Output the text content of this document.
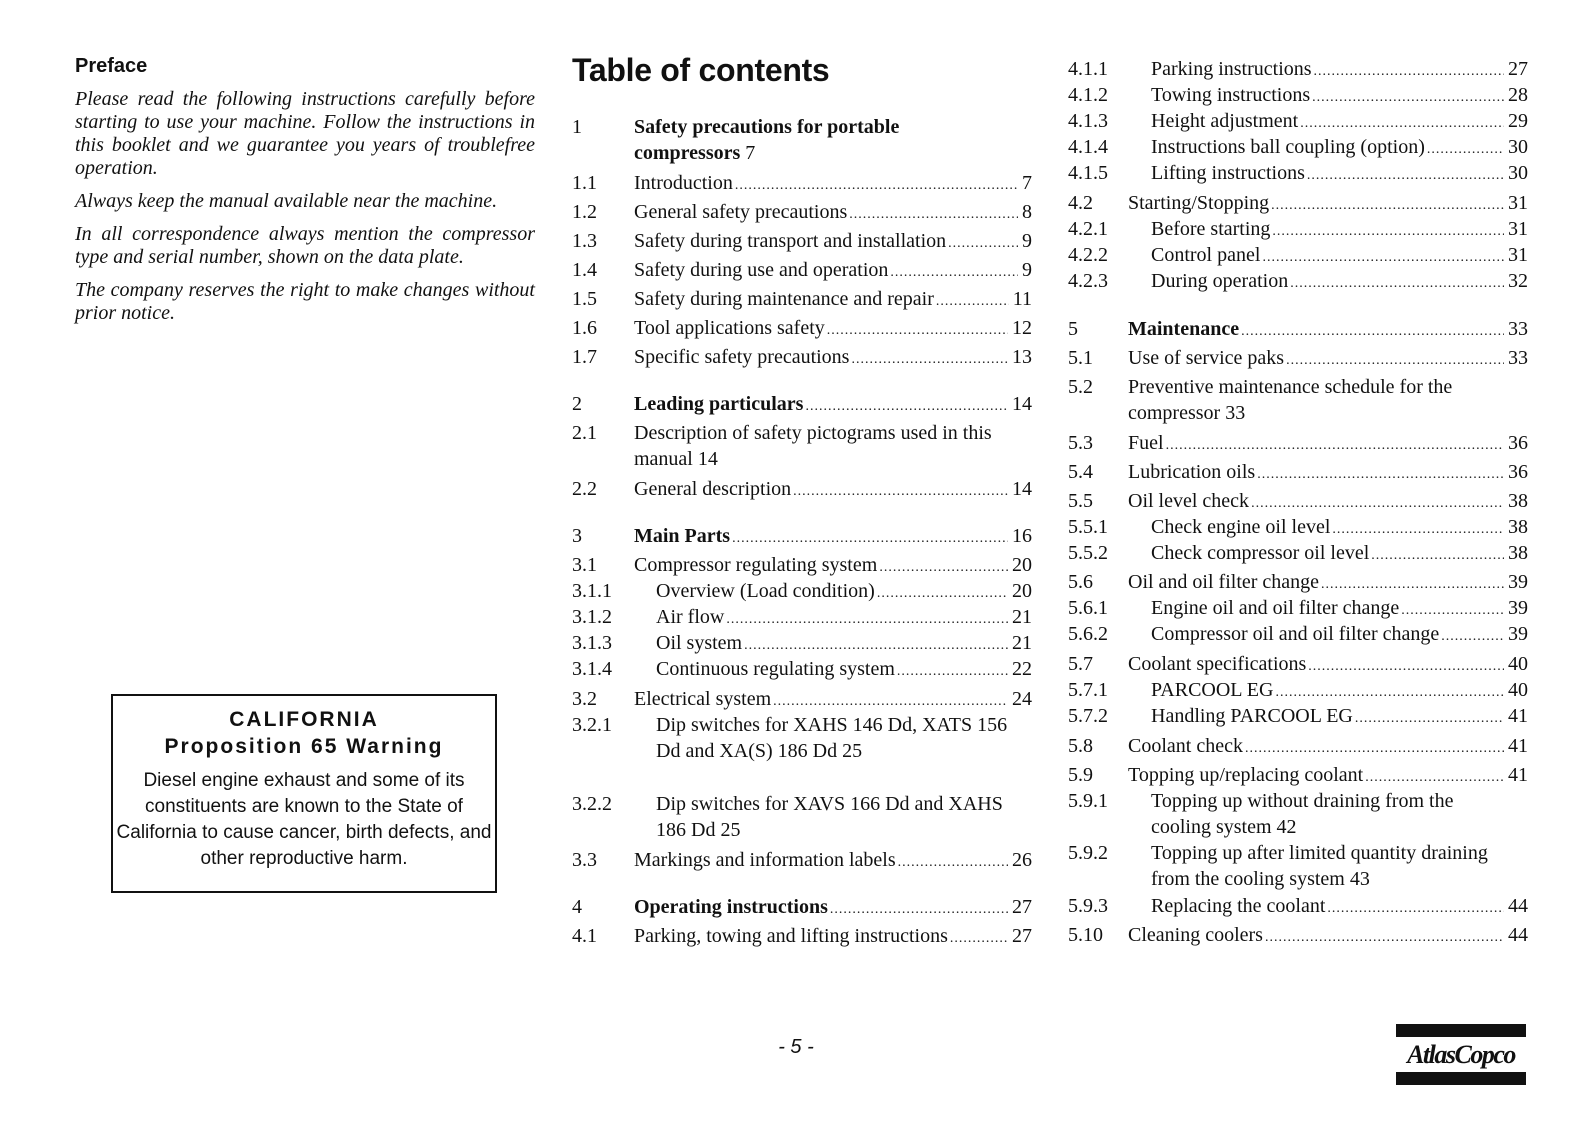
Preface

Please read the following instructions carefully before starting to use your machine. Follow the instructions in this booklet and we guarantee you years of troublefree operation.

Always keep the manual available near the machine.

In all correspondence always mention the compressor type and serial number, shown on the data plate.

The company reserves the right to make changes without prior notice.

CALIFORNIA
Proposition 65 Warning
Diesel engine exhaust and some of its constituents are known to the State of California to cause cancer, birth defects, and other reproductive harm.
Table of contents
1	Safety precautions for portable compressors 7
1.1 Introduction .....	7
1.2 General safety precautions .....	8
1.3 Safety during transport and installation .....	9
1.4 Safety during use and operation .....	9
1.5 Safety during maintenance and repair .....	11
1.6 Tool applications safety .....	12
1.7 Specific safety precautions .....	13
2	Leading particulars .....	14
2.1 Description of safety pictograms used in this manual 14
2.2 General description .....	14
3	Main Parts .....	16
3.1 Compressor regulating system .....	20
3.1.1 Overview (Load condition) .....	20
3.1.2 Air flow .....	21
3.1.3 Oil system .....	21
3.1.4 Continuous regulating system .....	22
3.2 Electrical system .....	24
3.2.1 Dip switches for XAHS 146 Dd, XATS 156 Dd and XA(S) 186 Dd 25
3.2.2 Dip switches for XAVS 166 Dd and XAHS 186 Dd 25
3.3 Markings and information labels .....	26
4	Operating instructions .....	27
4.1 Parking, towing and lifting instructions .....	27
4.1.1 Parking instructions .....	27
4.1.2 Towing instructions .....	28
4.1.3 Height adjustment .....	29
4.1.4 Instructions ball coupling (option) .....	30
4.1.5 Lifting instructions .....	30
4.2 Starting/Stopping .....	31
4.2.1 Before starting .....	31
4.2.2 Control panel .....	31
4.2.3 During operation .....	32
5	Maintenance .....	33
5.1 Use of service paks .....	33
5.2 Preventive maintenance schedule for the compressor 33
5.3 Fuel .....	36
5.4 Lubrication oils .....	36
5.5 Oil level check .....	38
5.5.1 Check engine oil level .....	38
5.5.2 Check compressor oil level .....	38
5.6 Oil and oil filter change .....	39
5.6.1 Engine oil and oil filter change .....	39
5.6.2 Compressor oil and oil filter change .....	39
5.7 Coolant specifications .....	40
5.7.1 PARCOOL EG .....	40
5.7.2 Handling PARCOOL EG .....	41
5.8 Coolant check .....	41
5.9 Topping up/replacing coolant .....	41
5.9.1 Topping up without draining from the cooling system 42
5.9.2 Topping up after limited quantity draining from the cooling system 43
5.9.3 Replacing the coolant .....	44
5.10 Cleaning coolers .....	44
- 5 -	AtlasCopco
